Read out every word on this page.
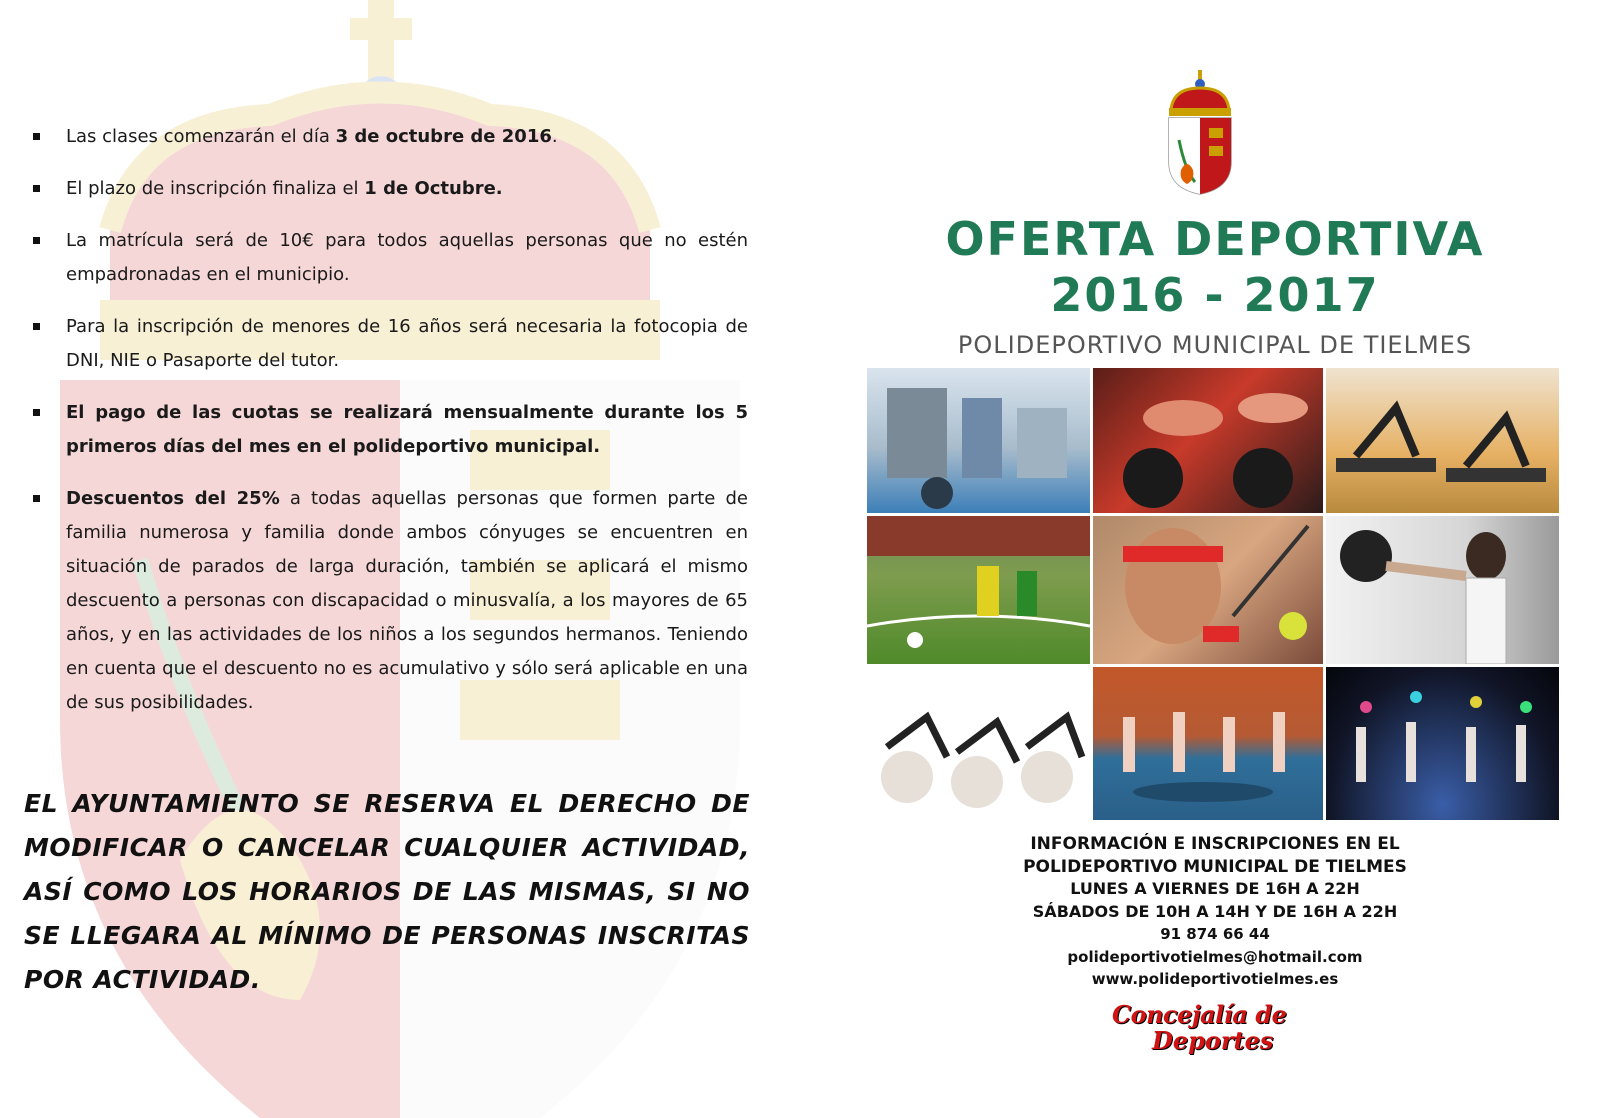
Las clases comenzarán el día 3 de octubre de 2016.
El plazo de inscripción finaliza el 1 de Octubre.
La matrícula será de 10€ para todos aquellas personas que no estén empadronadas en el municipio.
Para la inscripción de menores de 16 años será necesaria la fotocopia de DNI, NIE o Pasaporte del tutor.
El pago de las cuotas se realizará mensualmente durante los 5 primeros días del mes en el polideportivo municipal.
Descuentos del 25% a todas aquellas personas que formen parte de familia numerosa y familia donde ambos cónyuges se encuentren en situación de parados de larga duración, también se aplicará el mismo descuento a personas con discapacidad o minusvalía, a los mayores de 65 años, y en las actividades de los niños a los segundos hermanos. Teniendo en cuenta que el descuento no es acumulativo y sólo será aplicable en una de sus posibilidades.
EL AYUNTAMIENTO SE RESERVA EL DERECHO DE MODIFICAR O CANCELAR CUALQUIER ACTIVIDAD, ASÍ COMO LOS HORARIOS DE LAS MISMAS, SI NO SE LLEGARA AL MÍNIMO DE PERSONAS INSCRITAS POR ACTIVIDAD.
OFERTA DEPORTIVA
2016 - 2017
POLIDEPORTIVO MUNICIPAL DE TIELMES
INFORMACIÓN E INSCRIPCIONES EN EL
POLIDEPORTIVO MUNICIPAL DE TIELMES
LUNES A VIERNES DE 16H A 22H
SÁBADOS DE 10H A 14H Y DE 16H A 22H
91 874 66 44
polideportivotielmes@hotmail.com
www.polideportivotielmes.es
Concejalía de
Deportes
